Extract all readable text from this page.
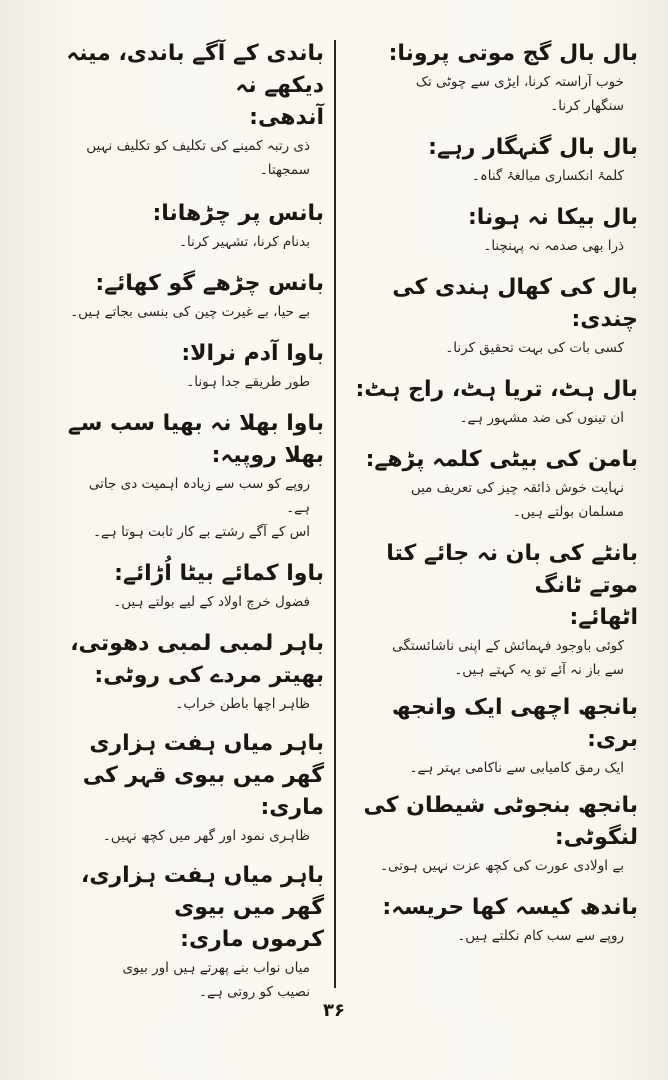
بال بال گج موتی پرونا:

خوب آراستہ کرنا، ایڑی سے چوٹی تک

سنگھار کرنا۔

بال بال گنہگار رہے:

کلمۂ انکساری مبالغۂ گناہ۔

بال بیکا نہ ہونا:

ذرا بھی صدمہ نہ پہنچنا۔

بال کی کھال ہندی کی چندی:

کسی بات کی بہت تحقیق کرنا۔

بال ہٹ، تریا ہٹ، راج ہٹ:

ان تینوں کی ضد مشہور ہے۔

بامن کی بیٹی کلمہ پڑھے:

نہایت خوش ذائقہ چیز کی تعریف میں

مسلمان بولتے ہیں۔

بانٹے کی بان نہ جائے کتا موتے ٹانگ

اٹھائے:

کوئی باوجود فہمائش کے اپنی ناشائستگی

سے باز نہ آئے تو یہ کہتے ہیں۔

بانجھ اچھی ایک وانجھ بری:

ایک رمق کامیابی سے ناکامی بہتر ہے۔

بانجھ بنجوٹی شیطان کی لنگوٹی:

بے اولادی عورت کی کچھ عزت نہیں ہوتی۔

باندھ کیسہ کھا حریسہ:

روپے سے سب کام نکلتے ہیں۔

باندی کے آگے باندی، مینہ دیکھے نہ

آندھی:

ذی رتبہ کمینے کی تکلیف کو تکلیف نہیں

سمجھتا۔

بانس پر چڑھانا:

بدنام کرنا، تشہیر کرنا۔

بانس چڑھے گو کھائے:

بے حیا، بے غیرت چین کی بنسی بجاتے ہیں۔

باوا آدم نرالا:

طور طریقے جدا ہونا۔

باوا بھلا نہ بھیا سب سے بھلا روپیہ:

روپے کو سب سے زیادہ اہمیت دی جاتی ہے۔

اس کے آگے رشتے بے کار ثابت ہوتا ہے۔

باوا کمائے بیٹا اُڑائے:

فضول خرچ اولاد کے لیے بولتے ہیں۔

باہر لمبی لمبی دھوتی، بھیتر مردے کی روٹی:

ظاہر اچھا باطن خراب۔

باہر میاں ہفت ہزاری گھر میں بیوی قہر کی

ماری:

ظاہری نمود اور گھر میں کچھ نہیں۔

باہر میاں ہفت ہزاری، گھر میں بیوی

کرموں ماری:

میاں نواب بنے پھرتے ہیں اور بیوی

نصیب کو روتی ہے۔

۳۶
